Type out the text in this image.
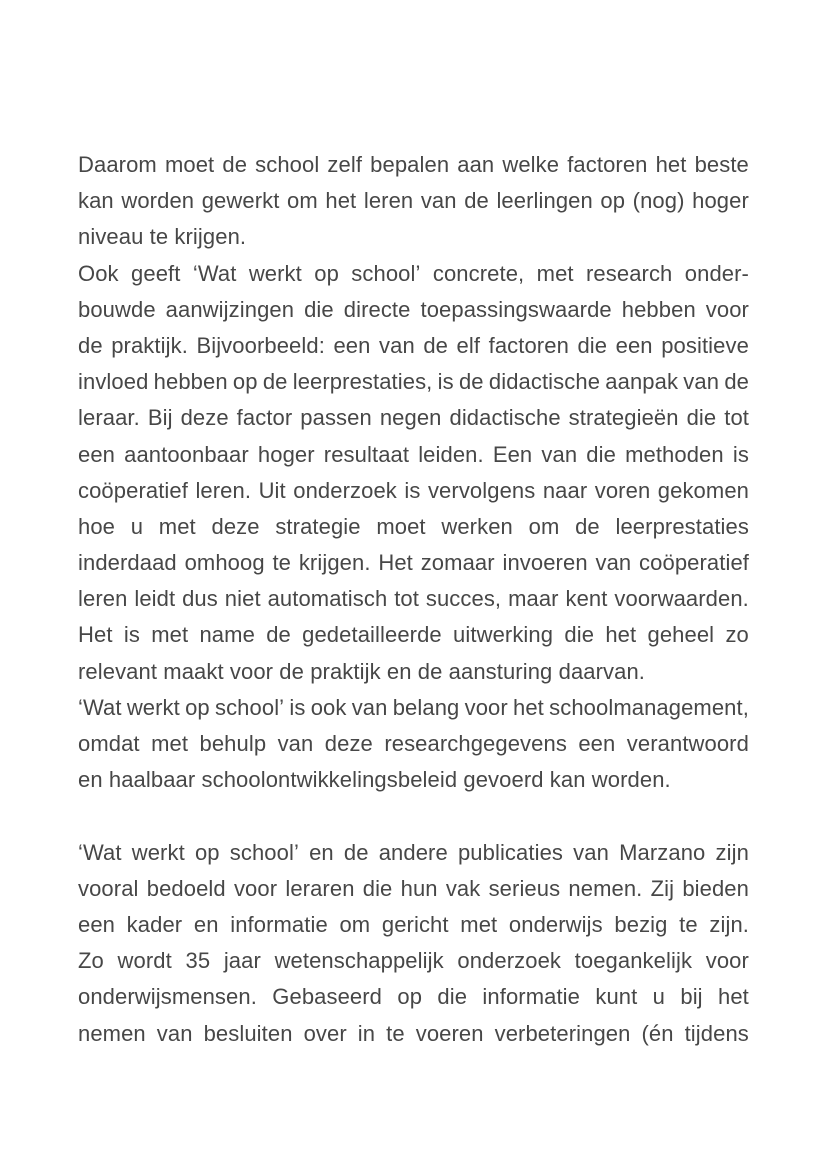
Daarom moet de school zelf bepalen aan welke factoren het beste
kan worden gewerkt om het leren van de leerlingen op (nog) hoger
niveau te krijgen.
Ook geeft ‘Wat werkt op school’ concrete, met research onder-
bouwde aanwijzingen die directe toepassingswaarde hebben voor
de praktijk. Bijvoorbeeld: een van de elf factoren die een positieve
invloed hebben op de leerprestaties, is de didactische aanpak van de
leraar. Bij deze factor passen negen didactische strategieën die tot
een aantoonbaar hoger resultaat leiden. Een van die methoden is
coöperatief leren. Uit onderzoek is vervolgens naar voren gekomen
hoe u met deze strategie moet werken om de leerprestaties
inderdaad omhoog te krijgen. Het zomaar invoeren van coöperatief
leren leidt dus niet automatisch tot succes, maar kent voorwaarden.
Het is met name de gedetailleerde uitwerking die het geheel zo
relevant maakt voor de praktijk en de aansturing daarvan.
‘Wat werkt op school’ is ook van belang voor het schoolmanagement,
omdat met behulp van deze researchgegevens een verantwoord
en haalbaar schoolontwikkelingsbeleid gevoerd kan worden.
‘Wat werkt op school’ en de andere publicaties van Marzano zijn
vooral bedoeld voor leraren die hun vak serieus nemen. Zij bieden
een kader en informatie om gericht met onderwijs bezig te zijn.
Zo wordt 35 jaar wetenschappelijk onderzoek toegankelijk voor
onderwijsmensen. Gebaseerd op die informatie kunt u bij het
nemen van besluiten over in te voeren verbeteringen (én tijdens
